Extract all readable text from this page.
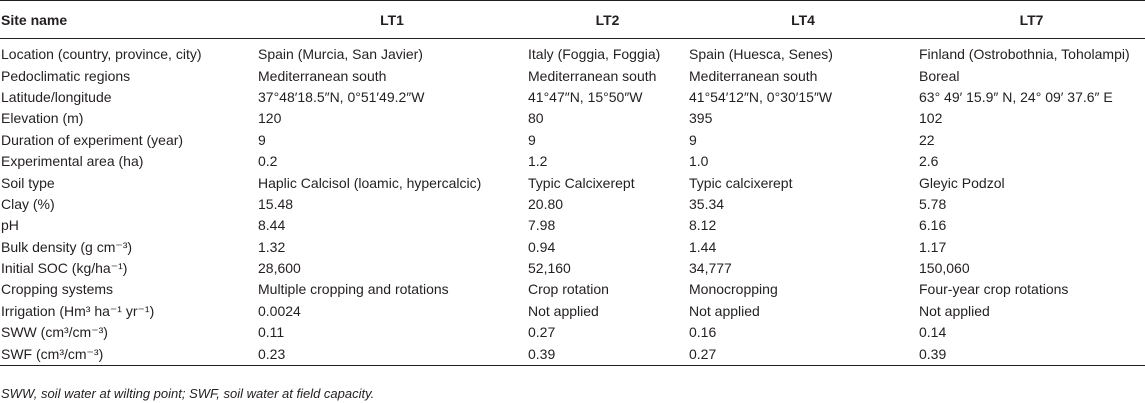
Site name	LT1	LT2	LT4	LT7

Location (country, province, city)	Spain (Murcia, San Javier)	Italy (Foggia, Foggia)	Spain (Huesca, Senes)	Finland (Ostrobothnia, Toholampi)
Pedoclimatic regions	Mediterranean south	Mediterranean south	Mediterranean south	Boreal
Latitude/longitude	37°48′18.5″N, 0°51′49.2″W	41°47″N, 15°50″W	41°54′12″N, 0°30′15″W	63° 49′ 15.9″ N, 24° 09′ 37.6″ E
Elevation (m)	120	80	395	102
Duration of experiment (year)	9	9	9	22
Experimental area (ha)	0.2	1.2	1.0	2.6
Soil type	Haplic Calcisol (loamic, hypercalcic)	Typic Calcixerept	Typic calcixerept	Gleyic Podzol
Clay (%)	15.48	20.80	35.34	5.78
pH	8.44	7.98	8.12	6.16
Bulk density (g cm⁻³)	1.32	0.94	1.44	1.17
Initial SOC (kg/ha⁻¹)	28,600	52,160	34,777	150,060
Cropping systems	Multiple cropping and rotations	Crop rotation	Monocropping	Four-year crop rotations
Irrigation (Hm³ ha⁻¹ yr⁻¹)	0.0024	Not applied	Not applied	Not applied
SWW (cm³/cm⁻³)	0.11	0.27	0.16	0.14
SWF (cm³/cm⁻³)	0.23	0.39	0.27	0.39
SWW, soil water at wilting point; SWF, soil water at field capacity.
